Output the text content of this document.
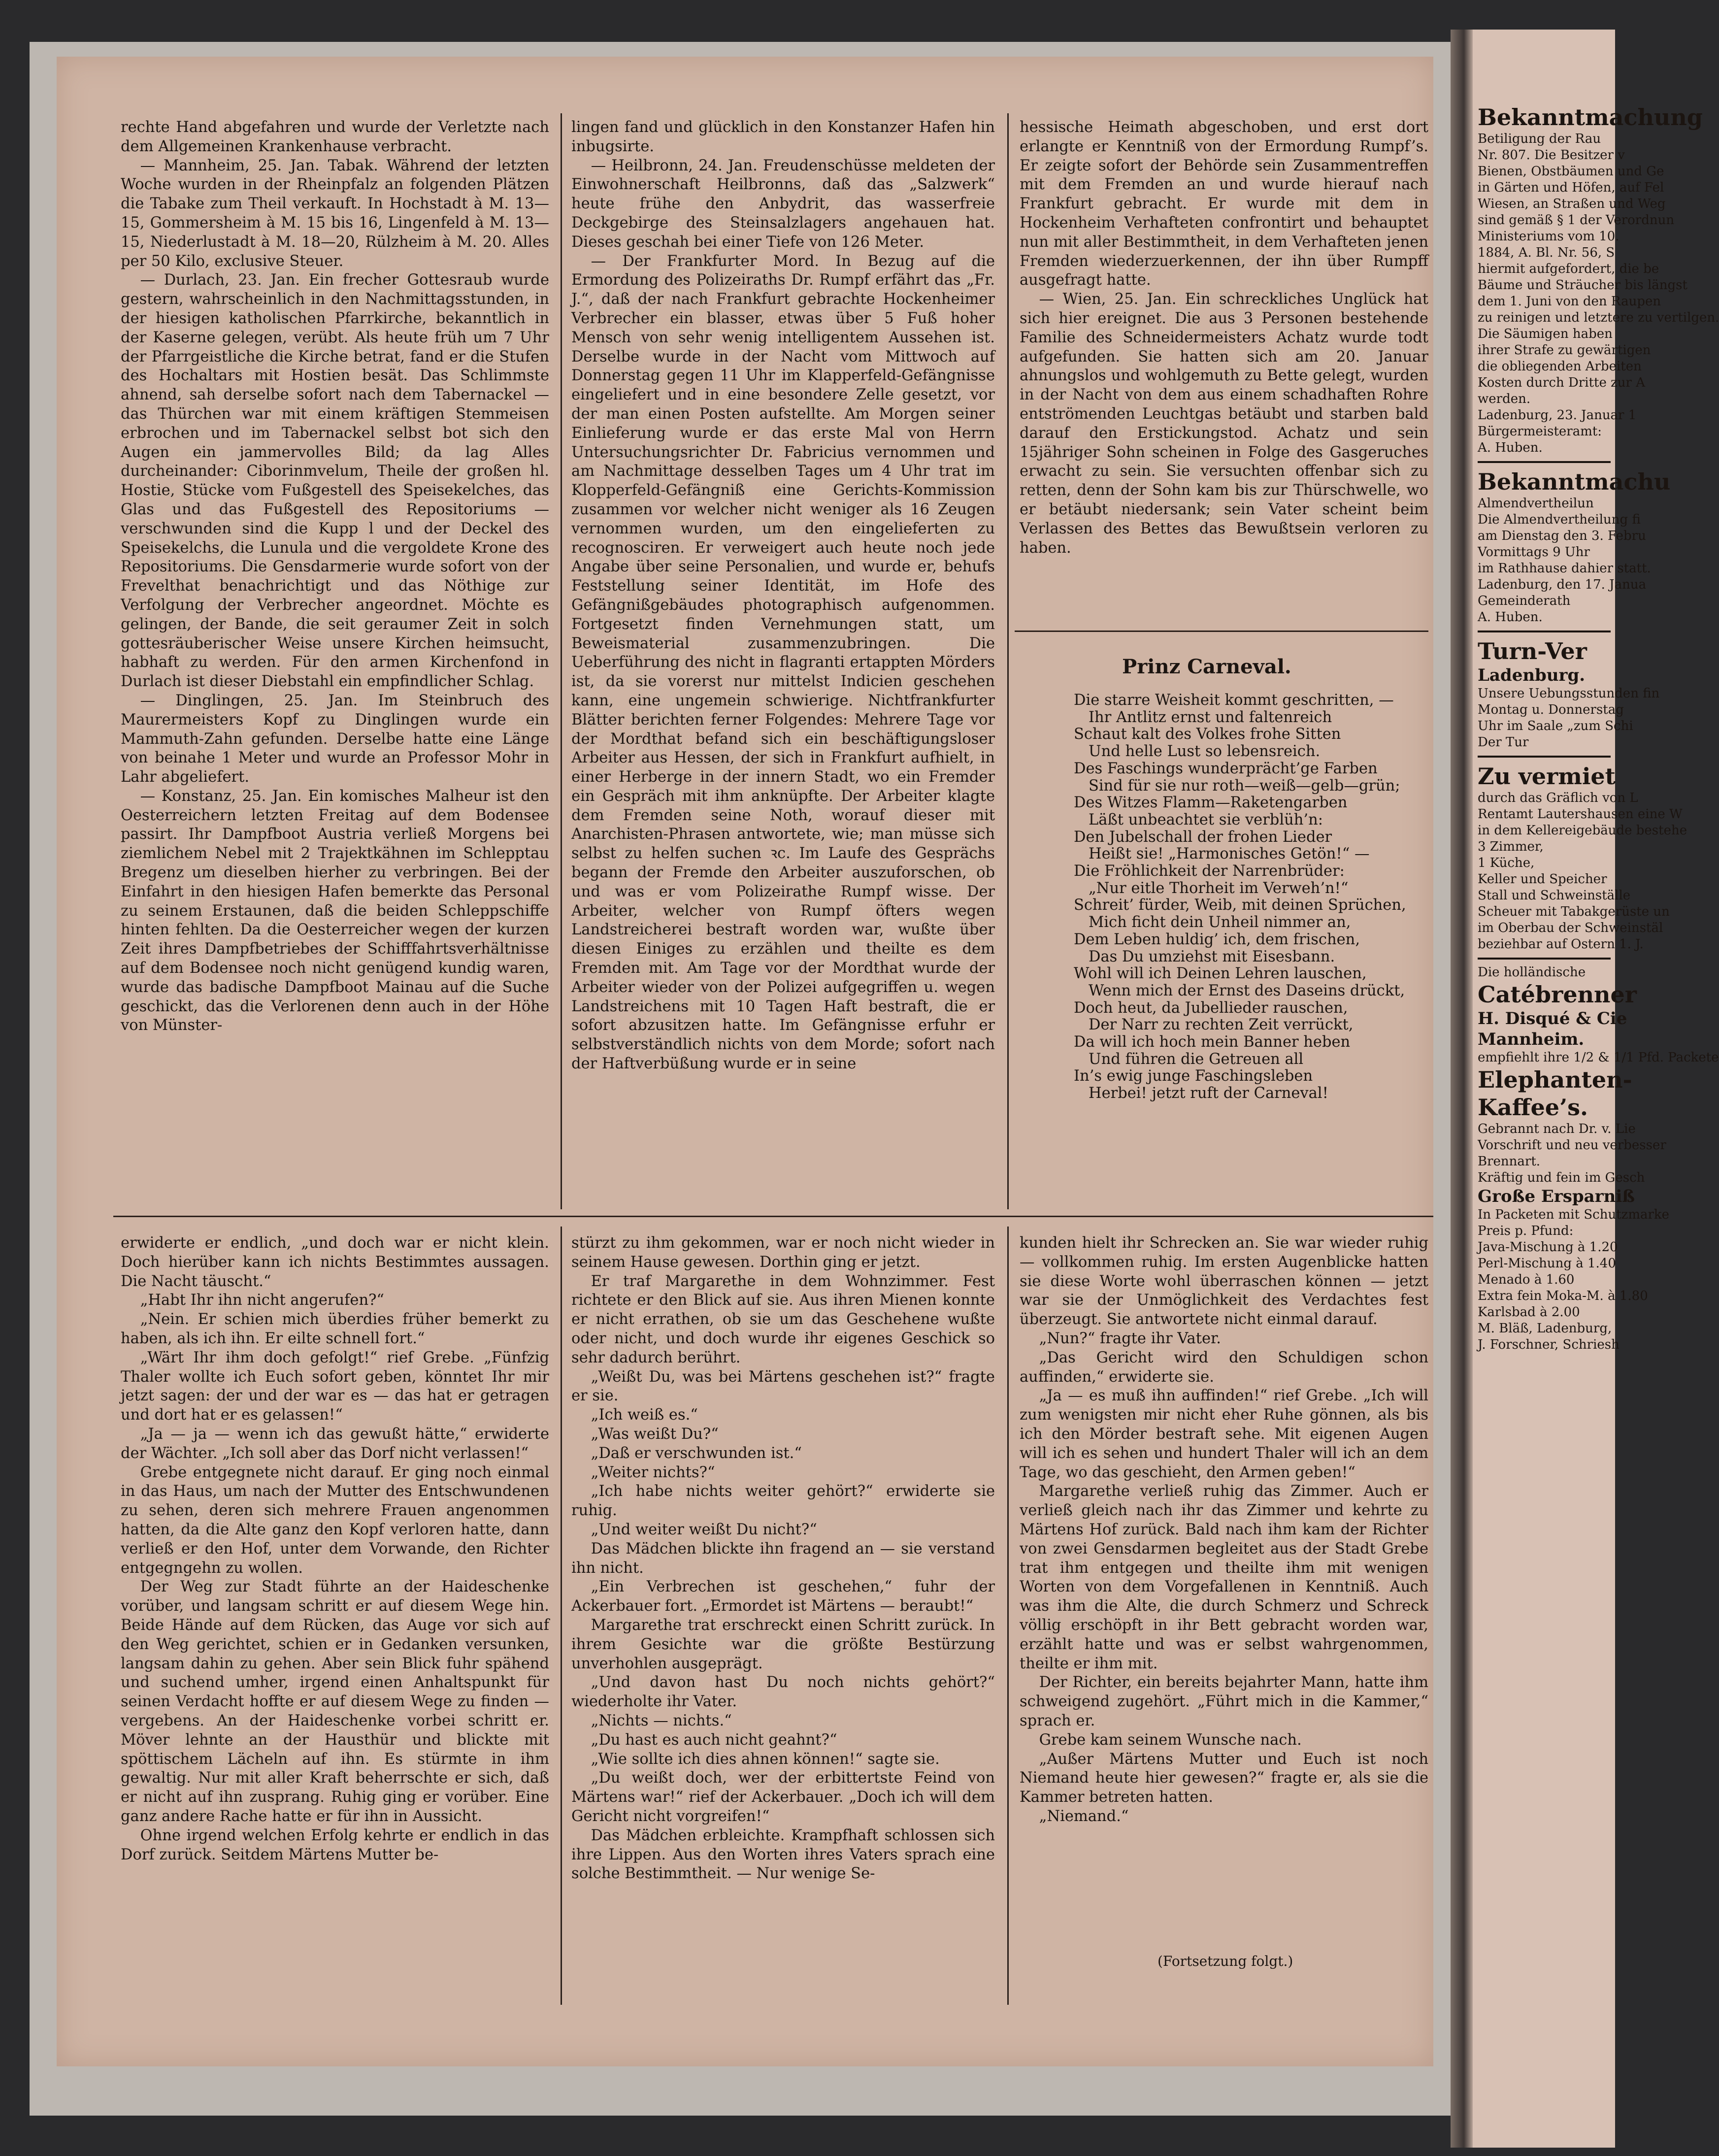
rechte Hand abgefahren und wurde der Verletzte nach dem Allgemeinen Krankenhause verbracht.

— Mannheim, 25. Jan. Tabak. Während der letzten Woche wurden in der Rheinpfalz an folgenden Plätzen die Tabake zum Theil verkauft. In Hochstadt à M. 13—15, Gommersheim à M. 15 bis 16, Lingenfeld à M. 13—15, Niederlustadt à M. 18—20, Rülzheim à M. 20. Alles per 50 Kilo, exclusive Steuer.

— Durlach, 23. Jan. Ein frecher Gottesraub wurde gestern, wahrscheinlich in den Nachmittagsstunden, in der hiesigen katholischen Pfarrkirche, bekanntlich in der Kaserne gelegen, verübt. Als heute früh um 7 Uhr der Pfarrgeistliche die Kirche betrat, fand er die Stufen des Hochaltars mit Hostien besät. Das Schlimmste ahnend, sah derselbe sofort nach dem Tabernackel — das Thürchen war mit einem kräftigen Stemmeisen erbrochen und im Tabernackel selbst bot sich den Augen ein jammervolles Bild; da lag Alles durcheinander: Ciborinmvelum, Theile der großen hl. Hostie, Stücke vom Fußgestell des Speisekelches, das Glas und das Fußgestell des Repositoriums — verschwunden sind die Kupp l und der Deckel des Speisekelchs, die Lunula und die vergoldete Krone des Repositoriums. Die Gensdarmerie wurde sofort von der Frevelthat benachrichtigt und das Nöthige zur Verfolgung der Verbrecher angeordnet. Möchte es gelingen, der Bande, die seit geraumer Zeit in solch gottesräuberischer Weise unsere Kirchen heimsucht, habhaft zu werden. Für den armen Kirchenfond in Durlach ist dieser Diebstahl ein empfindlicher Schlag.

— Dinglingen, 25. Jan. Im Steinbruch des Maurermeisters Kopf zu Dinglingen wurde ein Mammuth-Zahn gefunden. Derselbe hatte eine Länge von beinahe 1 Meter und wurde an Professor Mohr in Lahr abgeliefert.

— Konstanz, 25. Jan. Ein komisches Malheur ist den Oesterreichern letzten Freitag auf dem Bodensee passirt. Ihr Dampfboot Austria verließ Morgens bei ziemlichem Nebel mit 2 Trajektkähnen im Schlepptau Bregenz um dieselben hierher zu verbringen. Bei der Einfahrt in den hiesigen Hafen bemerkte das Personal zu seinem Erstaunen, daß die beiden Schleppschiffe hinten fehlten. Da die Oesterreicher wegen der kurzen Zeit ihres Dampfbetriebes der Schifffahrtsverhältnisse auf dem Bodensee noch nicht genügend kundig waren, wurde das badische Dampfboot Mainau auf die Suche geschickt, das die Verlorenen denn auch in der Höhe von Münster-

lingen fand und glücklich in den Konstanzer Hafen hin inbugsirte.

— Heilbronn, 24. Jan. Freudenschüsse meldeten der Einwohnerschaft Heilbronns, daß das „Salzwerk“ heute frühe den Anbydrit, das wasserfreie Deckgebirge des Steinsalzlagers angehauen hat. Dieses geschah bei einer Tiefe von 126 Meter.

— Der Frankfurter Mord. In Bezug auf die Ermordung des Polizeiraths Dr. Rumpf erfährt das „Fr. J.“, daß der nach Frankfurt gebrachte Hockenheimer Verbrecher ein blasser, etwas über 5 Fuß hoher Mensch von sehr wenig intelligentem Aussehen ist. Derselbe wurde in der Nacht vom Mittwoch auf Donnerstag gegen 11 Uhr im Klapperfeld-Gefängnisse eingeliefert und in eine besondere Zelle gesetzt, vor der man einen Posten aufstellte. Am Morgen seiner Einlieferung wurde er das erste Mal von Herrn Untersuchungsrichter Dr. Fabricius vernommen und am Nachmittage desselben Tages um 4 Uhr trat im Klopperfeld-Gefängniß eine Gerichts-Kommission zusammen vor welcher nicht weniger als 16 Zeugen vernommen wurden, um den eingelieferten zu recognosciren. Er verweigert auch heute noch jede Angabe über seine Personalien, und wurde er, behufs Feststellung seiner Identität, im Hofe des Gefängnißgebäudes photographisch aufgenommen. Fortgesetzt finden Vernehmungen statt, um Beweismaterial zusammenzubringen. Die Ueberführung des nicht in flagranti ertappten Mörders ist, da sie vorerst nur mittelst Indicien geschehen kann, eine ungemein schwierige. Nichtfrankfurter Blätter berichten ferner Folgendes: Mehrere Tage vor der Mordthat befand sich ein beschäftigungsloser Arbeiter aus Hessen, der sich in Frankfurt aufhielt, in einer Herberge in der innern Stadt, wo ein Fremder ein Gespräch mit ihm anknüpfte. Der Arbeiter klagte dem Fremden seine Noth, worauf dieser mit Anarchisten-Phrasen antwortete, wie; man müsse sich selbst zu helfen suchen ꝛc. Im Laufe des Gesprächs begann der Fremde den Arbeiter auszuforschen, ob und was er vom Polizeirathe Rumpf wisse. Der Arbeiter, welcher von Rumpf öfters wegen Landstreicherei bestraft worden war, wußte über diesen Einiges zu erzählen und theilte es dem Fremden mit. Am Tage vor der Mordthat wurde der Arbeiter wieder von der Polizei aufgegriffen u. wegen Landstreichens mit 10 Tagen Haft bestraft, die er sofort abzusitzen hatte. Im Gefängnisse erfuhr er selbstverständlich nichts von dem Morde; sofort nach der Haftverbüßung wurde er in seine

hessische Heimath abgeschoben, und erst dort erlangte er Kenntniß von der Ermordung Rumpf’s. Er zeigte sofort der Behörde sein Zusammentreffen mit dem Fremden an und wurde hierauf nach Frankfurt gebracht. Er wurde mit dem in Hockenheim Verhafteten confrontirt und behauptet nun mit aller Bestimmtheit, in dem Verhafteten jenen Fremden wiederzuerkennen, der ihn über Rumpff ausgefragt hatte.

— Wien, 25. Jan. Ein schreckliches Unglück hat sich hier ereignet. Die aus 3 Personen bestehende Familie des Schneidermeisters Achatz wurde todt aufgefunden. Sie hatten sich am 20. Januar ahnungslos und wohlgemuth zu Bette gelegt, wurden in der Nacht von dem aus einem schadhaften Rohre entströmenden Leuchtgas betäubt und starben bald darauf den Erstickungstod. Achatz und sein 15jähriger Sohn scheinen in Folge des Gasgeruches erwacht zu sein. Sie versuchten offenbar sich zu retten, denn der Sohn kam bis zur Thürschwelle, wo er betäubt niedersank; sein Vater scheint beim Verlassen des Bettes das Bewußtsein verloren zu haben.

Prinz Carneval.
Die starre Weisheit kommt geschritten, —
Ihr Antlitz ernst und faltenreich
Schaut kalt des Volkes frohe Sitten
Und helle Lust so lebensreich.
Des Faschings wunderprächt’ge Farben
Sind für sie nur roth—weiß—gelb—grün;
Des Witzes Flamm—Raketengarben
Läßt unbeachtet sie verblüh’n:
Den Jubelschall der frohen Lieder
Heißt sie! „Harmonisches Getön!“ —
Die Fröhlichkeit der Narrenbrüder:
„Nur eitle Thorheit im Verweh’n!“
Schreit’ fürder, Weib, mit deinen Sprüchen,
Mich ficht dein Unheil nimmer an,
Dem Leben huldig’ ich, dem frischen,
Das Du umziehst mit Eisesbann.
Wohl will ich Deinen Lehren lauschen,
Wenn mich der Ernst des Daseins drückt,
Doch heut, da Jubellieder rauschen,
Der Narr zu rechten Zeit verrückt,
Da will ich hoch mein Banner heben
Und führen die Getreuen all
In’s ewig junge Faschingsleben
Herbei! jetzt ruft der Carneval!

erwiderte er endlich, „und doch war er nicht klein. Doch hierüber kann ich nichts Bestimmtes aussagen. Die Nacht täuscht.“

„Habt Ihr ihn nicht angerufen?“

„Nein. Er schien mich überdies früher bemerkt zu haben, als ich ihn. Er eilte schnell fort.“

„Wärt Ihr ihm doch gefolgt!“ rief Grebe. „Fünfzig Thaler wollte ich Euch sofort geben, könntet Ihr mir jetzt sagen: der und der war es — das hat er getragen und dort hat er es gelassen!“

„Ja — ja — wenn ich das gewußt hätte,“ erwiderte der Wächter. „Ich soll aber das Dorf nicht verlassen!“

Grebe entgegnete nicht darauf. Er ging noch einmal in das Haus, um nach der Mutter des Entschwundenen zu sehen, deren sich mehrere Frauen angenommen hatten, da die Alte ganz den Kopf verloren hatte, dann verließ er den Hof, unter dem Vorwande, den Richter entgegngehn zu wollen.

Der Weg zur Stadt führte an der Haideschenke vorüber, und langsam schritt er auf diesem Wege hin. Beide Hände auf dem Rücken, das Auge vor sich auf den Weg gerichtet, schien er in Gedanken versunken, langsam dahin zu gehen. Aber sein Blick fuhr spähend und suchend umher, irgend einen Anhaltspunkt für seinen Verdacht hoffte er auf diesem Wege zu finden — vergebens. An der Haideschenke vorbei schritt er. Möver lehnte an der Hausthür und blickte mit spöttischem Lächeln auf ihn. Es stürmte in ihm gewaltig. Nur mit aller Kraft beherrschte er sich, daß er nicht auf ihn zusprang. Ruhig ging er vorüber. Eine ganz andere Rache hatte er für ihn in Aussicht.

Ohne irgend welchen Erfolg kehrte er endlich in das Dorf zurück. Seitdem Märtens Mutter be-

stürzt zu ihm gekommen, war er noch nicht wieder in seinem Hause gewesen. Dorthin ging er jetzt.

Er traf Margarethe in dem Wohnzimmer. Fest richtete er den Blick auf sie. Aus ihren Mienen konnte er nicht errathen, ob sie um das Geschehene wußte oder nicht, und doch wurde ihr eigenes Geschick so sehr dadurch berührt.

„Weißt Du, was bei Märtens geschehen ist?“ fragte er sie.

„Ich weiß es.“

„Was weißt Du?“

„Daß er verschwunden ist.“

„Weiter nichts?“

„Ich habe nichts weiter gehört?“ erwiderte sie ruhig.

„Und weiter weißt Du nicht?“

Das Mädchen blickte ihn fragend an — sie verstand ihn nicht.

„Ein Verbrechen ist geschehen,“ fuhr der Ackerbauer fort. „Ermordet ist Märtens — beraubt!“

Margarethe trat erschreckt einen Schritt zurück. In ihrem Gesichte war die größte Bestürzung unverhohlen ausgeprägt.

„Und davon hast Du noch nichts gehört?“ wiederholte ihr Vater.

„Nichts — nichts.“

„Du hast es auch nicht geahnt?“

„Wie sollte ich dies ahnen können!“ sagte sie.

„Du weißt doch, wer der erbittertste Feind von Märtens war!“ rief der Ackerbauer. „Doch ich will dem Gericht nicht vorgreifen!“

Das Mädchen erbleichte. Krampfhaft schlossen sich ihre Lippen. Aus den Worten ihres Vaters sprach eine solche Bestimmtheit. — Nur wenige Se-

kunden hielt ihr Schrecken an. Sie war wieder ruhig — vollkommen ruhig. Im ersten Augenblicke hatten sie diese Worte wohl überraschen können — jetzt war sie der Unmöglichkeit des Verdachtes fest überzeugt. Sie antwortete nicht einmal darauf.

„Nun?“ fragte ihr Vater.

„Das Gericht wird den Schuldigen schon auffinden,“ erwiderte sie.

„Ja — es muß ihn auffinden!“ rief Grebe. „Ich will zum wenigsten mir nicht eher Ruhe gönnen, als bis ich den Mörder bestraft sehe. Mit eigenen Augen will ich es sehen und hundert Thaler will ich an dem Tage, wo das geschieht, den Armen geben!“

Margarethe verließ ruhig das Zimmer. Auch er verließ gleich nach ihr das Zimmer und kehrte zu Märtens Hof zurück. Bald nach ihm kam der Richter von zwei Gensdarmen begleitet aus der Stadt Grebe trat ihm entgegen und theilte ihm mit wenigen Worten von dem Vorgefallenen in Kenntniß. Auch was ihm die Alte, die durch Schmerz und Schreck völlig erschöpft in ihr Bett gebracht worden war, erzählt hatte und was er selbst wahrgenommen, theilte er ihm mit.

Der Richter, ein bereits bejahrter Mann, hatte ihm schweigend zugehört. „Führt mich in die Kammer,“ sprach er.

Grebe kam seinem Wunsche nach.

„Außer Märtens Mutter und Euch ist noch Niemand heute hier gewesen?“ fragte er, als sie die Kammer betreten hatten.

„Niemand.“

(Fortsetzung folgt.)
Bekanntmachung
Betiligung der Rau
Nr. 807. Die Besitzer v
Bienen, Obstbäumen und Ge
in Gärten und Höfen, auf Fel
Wiesen, an Straßen und Weg
sind gemäß § 1 der Verordnun
Ministeriums vom 10.
1884, A. Bl. Nr. 56, S
hiermit aufgefordert, die be
Bäume und Sträucher bis längst
dem 1. Juni von den Raupen
zu reinigen und letztere zu vertilgen.
Die Säumigen haben
ihrer Strafe zu gewärtigen
die obliegenden Arbeiten
Kosten durch Dritte zur A
werden.
Ladenburg, 23. Januar 1
Bürgermeisteramt:
A. Huben.
Bekanntmachu
Almendvertheilun
Die Almendvertheilung fi
am Dienstag den 3. Febru
Vormittags 9 Uhr
im Rathhause dahier statt.
Ladenburg, den 17. Janua
Gemeinderath
A. Huben.
Turn-Ver
Ladenburg.
Unsere Uebungsstunden fin
Montag u. Donnerstag
Uhr im Saale „zum Schi
Der Tur
Zu vermiet
durch das Gräflich von L
Rentamt Lautershausen eine W
in dem Kellereigebäude bestehe
3 Zimmer,
1 Küche,
Keller und Speicher
Stall und Schweinställe
Scheuer mit Tabakgerüste un
im Oberbau der Schweinstäl
beziehbar auf Ostern 1. J.
Die holländische
Catébrenner
H. Disqué & Cie
Mannheim.
empfiehlt ihre 1/2 & 1/1 Pfd. Packete
Elephanten-
Kaffee’s.
Gebrannt nach Dr. v. Lie
Vorschrift und neu verbesser
Brennart.
Kräftig und fein im Gesch
Große Ersparniß
In Packeten mit Schutzmarke
Preis p. Pfund:
Java-Mischung à 1.20
Perl-Mischung à 1.40
Menado à 1.60
Extra fein Moka-M. à 1.80
Karlsbad à 2.00
M. Bläß, Ladenburg,
J. Forschner, Schriesh
